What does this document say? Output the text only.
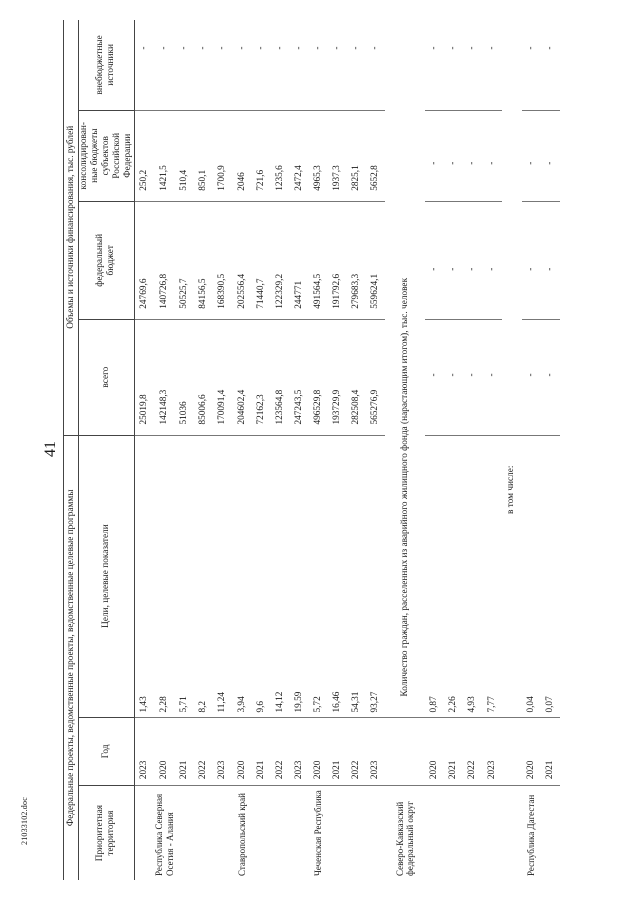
41
21033102.doc	Федеральные проекты, ведомственные проекты, ведомственные целевые программы			Объемы и источники финансирования, тыс. рублей			
Приоритетная
территория	Год	Цели, целевые показатели	всего	федеральный
бюджет	консолидирован-
ные бюджеты
субъектов
Российской
Федерации	внебюджетные
источники
	2023	1,43	25019,8	24769,6	250,2	-
Республика Северная Осетия - Алания	2020	2,28	142148,3	140726,8	1421,5	-
	2021	5,71	51036	50525,7	510,4	-
	2022	8,2	85006,6	84156,5	850,1	-
	2023	11,24	170091,4	168390,5	1700,9	-
Ставропольский край	2020	3,94	204602,4	202556,4	2046	-
	2021	9,6	72162,3	71440,7	721,6	-
	2022	14,12	123564,8	122329,2	1235,6	-
	2023	19,59	247243,5	244771	2472,4	-
Чеченская Республика	2020	5,72	496529,8	491564,5	4965,3	-
	2021	16,46	193729,9	191792,6	1937,3	-
	2022	54,31	282508,4	279683,3	2825,1	-
	2023	93,27	565276,9	559624,1	5652,8	-
Северо-Кавказский федеральный округ		Количество граждан, расселенных из аварийного жилищного фонда (нарастающим итогом), тыс. человек				
	2020	0,87	-	-	-	-
	2021	2,26	-	-	-	-
	2022	4,93	-	-	-	-
	2023	7,77	-	-	-	-
		в том числе:				
Республика Дагестан	2020	0,04	-	-	-	-
	2021	0,07	-	-	-	-
